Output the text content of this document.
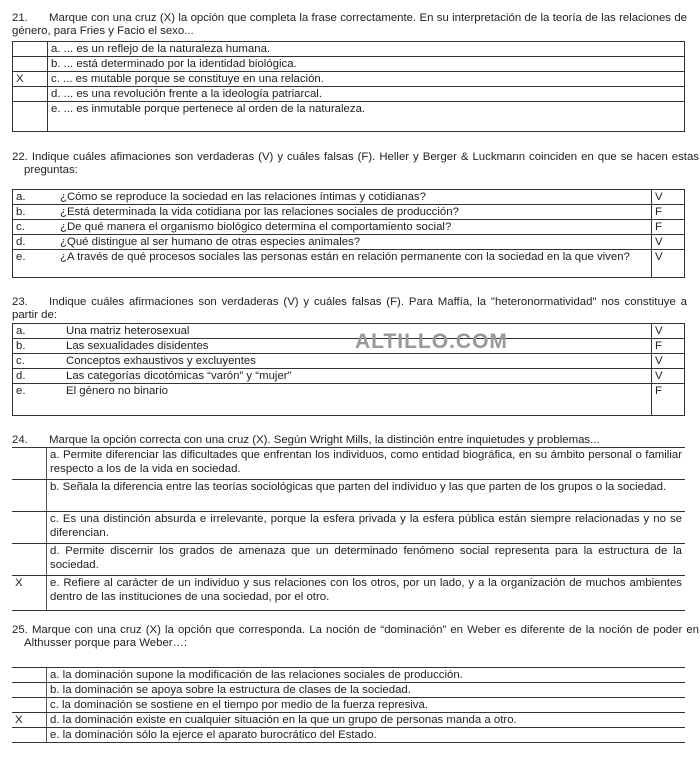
21. Marque con una cruz (X) la opción que completa la frase correctamente. En su interpretación de la teoría de las relaciones de género, para Fries y Facio el sexo...
	a. ... es un reflejo de la naturaleza humana.
	b. ... está determinado por la identidad biológica.
X	c. ... es mutable porque se constituye en una relación.
	d. ... es una revolución frente a la ideología patriarcal.
	e. ... es inmutable porque pertenece al orden de la naturaleza.
22. Indique cuáles afimaciones son verdaderas (V) y cuáles falsas (F). Heller y Berger & Luckmann coinciden en que se hacen estas preguntas:
a. ¿Cómo se reproduce la sociedad en las relaciones íntimas y cotidianas?	V
b. ¿Está determinada la vida cotidiana por las relaciones sociales de producción?	F
c. ¿De qué manera el organismo biológico determina el comportamiento social?	F
d. ¿Qué distingue al ser humano de otras especies animales?	V
e. ¿A través de qué procesos sociales las personas están en relación permanente con la sociedad en la que viven?	V
23. Indique cuáles afirmaciones son verdaderas (V) y cuáles falsas (F). Para Maffía, la "heteronormatividad" nos constituye a partir de:
a. Una matriz heterosexual	V
b. Las sexualidades disidentes	F
c. Conceptos exhaustivos y excluyentes	V
d. Las categorías dicotómicas “varón” y “mujer”	V
e. El género no binario	F
24. Marque la opción correcta con una cruz (X). Según Wright Mills, la distinción entre inquietudes y problemas...
	a. Permite diferenciar las dificultades que enfrentan los individuos, como entidad biográfica, en su ámbito personal o familiar respecto a los de la vida en sociedad.
	b. Señala la diferencia entre las teorías sociológicas que parten del individuo y las que parten de los grupos o la sociedad.
	c. Es una distinción absurda e irrelevante, porque la esfera privada y la esfera pública están siempre relacionadas y no se diferencian.
	d. Permite discernir los grados de amenaza que un determinado fenómeno social representa para la estructura de la sociedad.
X	e. Refiere al carácter de un individuo y sus relaciones con los otros, por un lado, y a la organización de muchos ambientes dentro de las instituciones de una sociedad, por el otro.
25. Marque con una cruz (X) la opción que corresponda. La noción de “dominación” en Weber es diferente de la noción de poder en Althusser porque para Weber…:
	a. la dominación supone la modificación de las relaciones sociales de producción.
	b. la dominación se apoya sobre la estructura de clases de la sociedad.
	c. la dominación se sostiene en el tiempo por medio de la fuerza represiva.
X	d. la dominación existe en cualquier situación en la que un grupo de personas manda a otro.
	e. la dominación sólo la ejerce el aparato burocrático del Estado.
ALTILLO.COM
